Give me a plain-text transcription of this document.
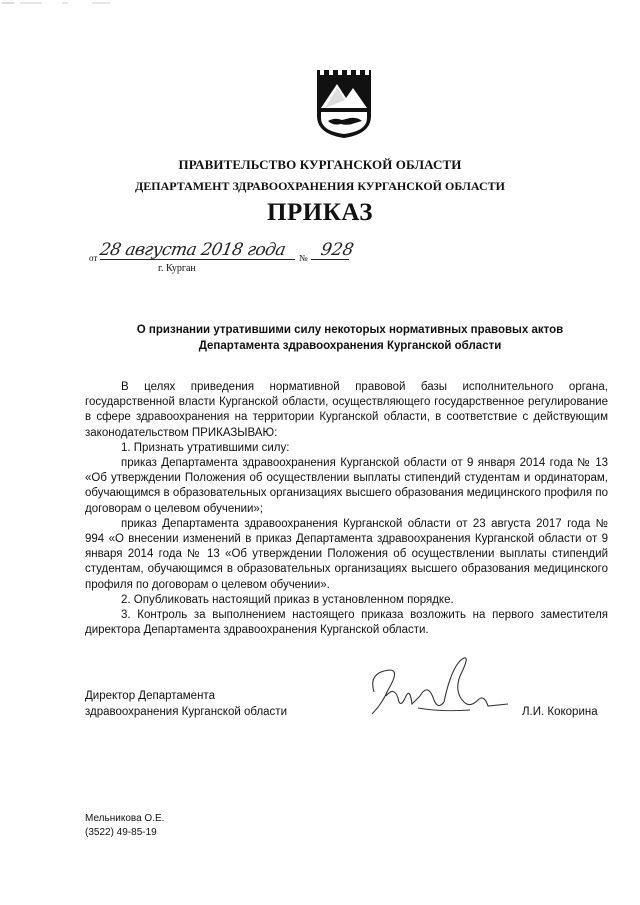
ПРАВИТЕЛЬСТВО КУРГАНСКОЙ ОБЛАСТИ
ДЕПАРТАМЕНТ ЗДРАВООХРАНЕНИЯ КУРГАНСКОЙ ОБЛАСТИ
ПРИКАЗ
от 28 августа 2018 года № 928
г. Курган
О признании утратившими силу некоторых нормативных правовых актов
Департамента здравоохранения Курганской области

В целях приведения нормативной правовой базы исполнительного органа, государственной власти Курганской области, осуществляющего государственное регулирование в сфере здравоохранения на территории Курганской области, в соответствие с действующим законодательством ПРИКАЗЫВАЮ:

1. Признать утратившими силу:

приказ Департамента здравоохранения Курганской области от 9 января 2014 года № 13 «Об утверждении Положения об осуществлении выплаты стипендий студентам и ординаторам, обучающимся в образовательных организациях высшего образования медицинского профиля по договорам о целевом обучении»;

приказ Департамента здравоохранения Курганской области от 23 августа 2017 года № 994 «О внесении изменений в приказ Департамента здравоохранения Курганской области от 9 января 2014 года № 13 «Об утверждении Положения об осуществлении выплаты стипендий студентам, обучающимся в образовательных организациях высшего образования медицинского профиля по договорам о целевом обучении».

2. Опубликовать настоящий приказ в установленном порядке.

3. Контроль за выполнением настоящего приказа возложить на первого заместителя директора Департамента здравоохранения Курганской области.

Директор Департамента
здравоохранения Курганской области	Л.И. Кокорина
Мельникова О.Е.
(3522) 49-85-19
